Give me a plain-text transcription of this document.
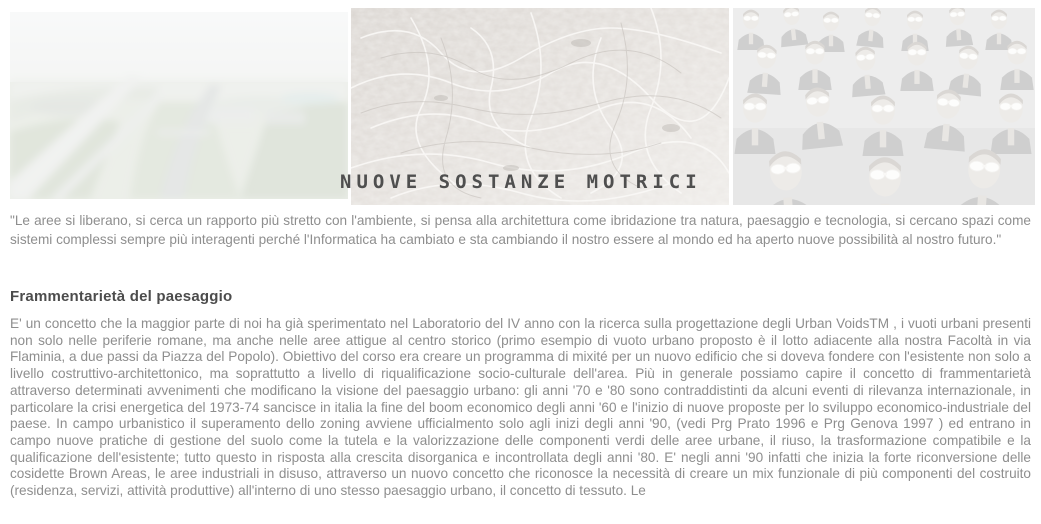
NUOVE SOSTANZE MOTRICI

"Le aree si liberano, si cerca un rapporto più stretto con l'ambiente, si pensa alla architettura come ibridazione tra natura, paesaggio e tecnologia, si cercano spazi come sistemi complessi sempre più interagenti perché l'Informatica ha cambiato e sta cambiando il nostro essere al mondo ed ha aperto nuove possibilità al nostro futuro."

Frammentarietà del paesaggio

E' un concetto che la maggior parte di noi ha già sperimentato nel Laboratorio del IV anno con la ricerca sulla progettazione degli Urban VoidsTM , i vuoti urbani presenti non solo nelle periferie romane, ma anche nelle aree attigue al centro storico (primo esempio di vuoto urbano proposto è il lotto adiacente alla nostra Facoltà in via Flaminia, a due passi da Piazza del Popolo). Obiettivo del corso era creare un programma di mixité per un nuovo edificio che si doveva fondere con l'esistente non solo a livello costruttivo-architettonico, ma soprattutto a livello di riqualificazione socio-culturale dell'area. Più in generale possiamo capire il concetto di frammentarietà attraverso determinati avvenimenti che modificano la visione del paesaggio urbano: gli anni '70 e '80 sono contraddistinti da alcuni eventi di rilevanza internazionale, in particolare la crisi energetica del 1973-74 sancisce in italia la fine del boom economico degli anni '60 e l'inizio di nuove proposte per lo sviluppo economico-industriale del paese. In campo urbanistico il superamento dello zoning avviene ufficialmento solo agli inizi degli anni '90, (vedi Prg Prato 1996 e Prg Genova 1997 ) ed entrano in campo nuove pratiche di gestione del suolo come la tutela e la valorizzazione delle componenti verdi delle aree urbane, il riuso, la trasformazione compatibile e la qualificazione dell'esistente; tutto questo in risposta alla crescita disorganica e incontrollata degli anni '80. E' negli anni '90 infatti che inizia la forte riconversione delle cosidette Brown Areas, le aree industriali in disuso, attraverso un nuovo concetto che riconosce la necessità di creare un mix funzionale di più componenti del costruito (residenza, servizi, attività produttive) all'interno di uno stesso paesaggio urbano, il concetto di tessuto. Le
